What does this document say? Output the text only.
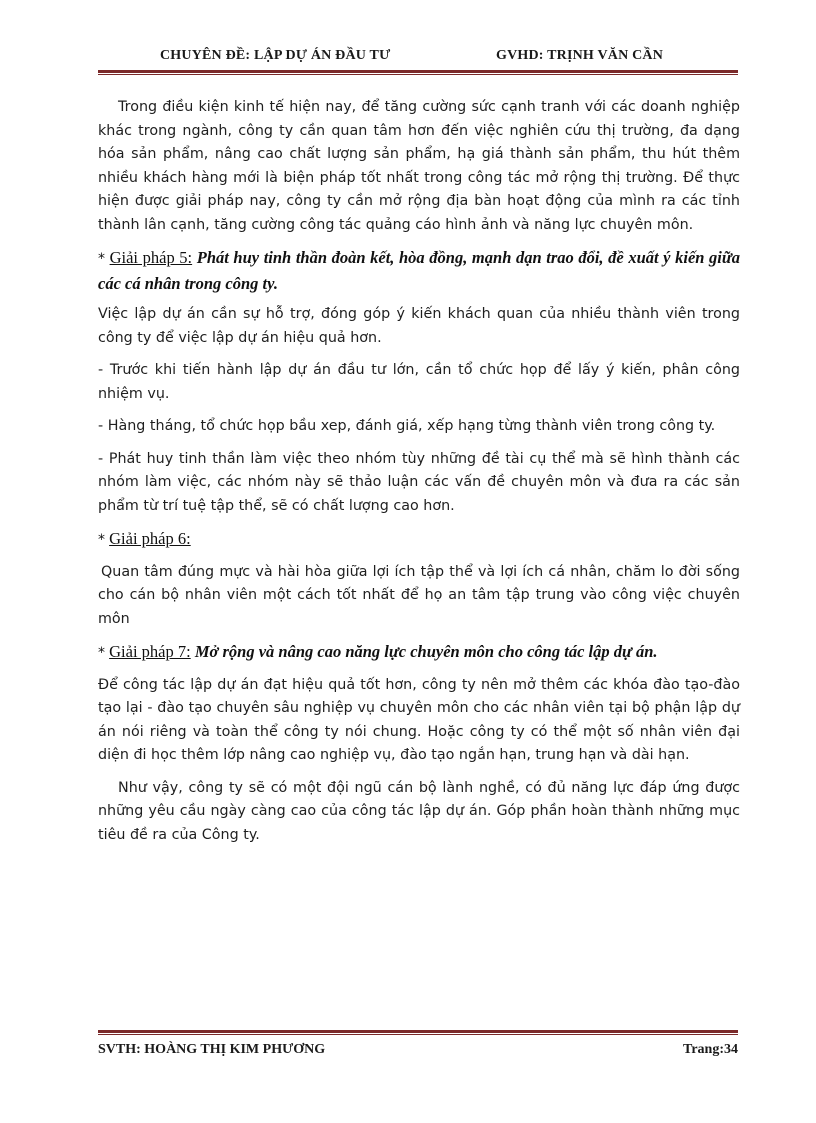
CHUYÊN ĐỀ: LẬP DỰ ÁN ĐẦU TƯ	GVHD: TRỊNH VĂN CẦN

Trong điều kiện kinh tế hiện nay, để tăng cường sức cạnh tranh với các doanh nghiệp khác trong ngành, công ty cần quan tâm hơn đến việc nghiên cứu thị trường, đa dạng hóa sản phẩm, nâng cao chất lượng sản phẩm, hạ giá thành sản phẩm, thu hút thêm nhiều khách hàng mới là biện pháp tốt nhất trong công tác mở rộng thị trường. Để thực hiện được giải pháp nay, công ty cần mở rộng địa bàn hoạt động của mình ra các tỉnh thành lân cạnh, tăng cường công tác quảng cáo hình ảnh và năng lực chuyên môn.

* Giải pháp 5: Phát huy tinh thần đoàn kết, hòa đồng, mạnh dạn trao đổi, đề xuất ý kiến giữa các cá nhân trong công ty.

Việc lập dự án cần sự hỗ trợ, đóng góp ý kiến khách quan của nhiều thành viên trong công ty để việc lập dự án hiệu quả hơn.

- Trước khi tiến hành lập dự án đầu tư lớn, cần tổ chức họp để lấy ý kiến, phân công nhiệm vụ.

- Hàng tháng, tổ chức họp bầu xep, đánh giá, xếp hạng từng thành viên trong công ty.

- Phát huy tinh thần làm việc theo nhóm tùy những đề tài cụ thể mà sẽ hình thành các nhóm làm việc, các nhóm này sẽ thảo luận các vấn đề chuyên môn và đưa ra các sản phẩm từ trí tuệ tập thể, sẽ có chất lượng cao hơn.

* Giải pháp 6:

Quan tâm đúng mực và hài hòa giữa lợi ích tập thể và lợi ích cá nhân, chăm lo đời sống cho cán bộ nhân viên một cách tốt nhất để họ an tâm tập trung vào công việc chuyên môn

* Giải pháp 7: Mở rộng và nâng cao năng lực chuyên môn cho công tác lập dự án.

Để công tác lập dự án đạt hiệu quả tốt hơn, công ty nên mở thêm các khóa đào tạo-đào tạo lại - đào tạo chuyên sâu nghiệp vụ chuyên môn cho các nhân viên tại bộ phận lập dự án nói riêng và toàn thể công ty nói chung. Hoặc công ty có thể một số nhân viên đại diện đi học thêm lớp nâng cao nghiệp vụ, đào tạo ngắn hạn, trung hạn và dài hạn.

Như vậy, công ty sẽ có một đội ngũ cán bộ lành nghề, có đủ năng lực đáp ứng được những yêu cầu ngày càng cao của công tác lập dự án. Góp phần hoàn thành những mục tiêu đề ra của Công ty.

SVTH: HOÀNG THỊ KIM PHƯƠNG	Trang:34
